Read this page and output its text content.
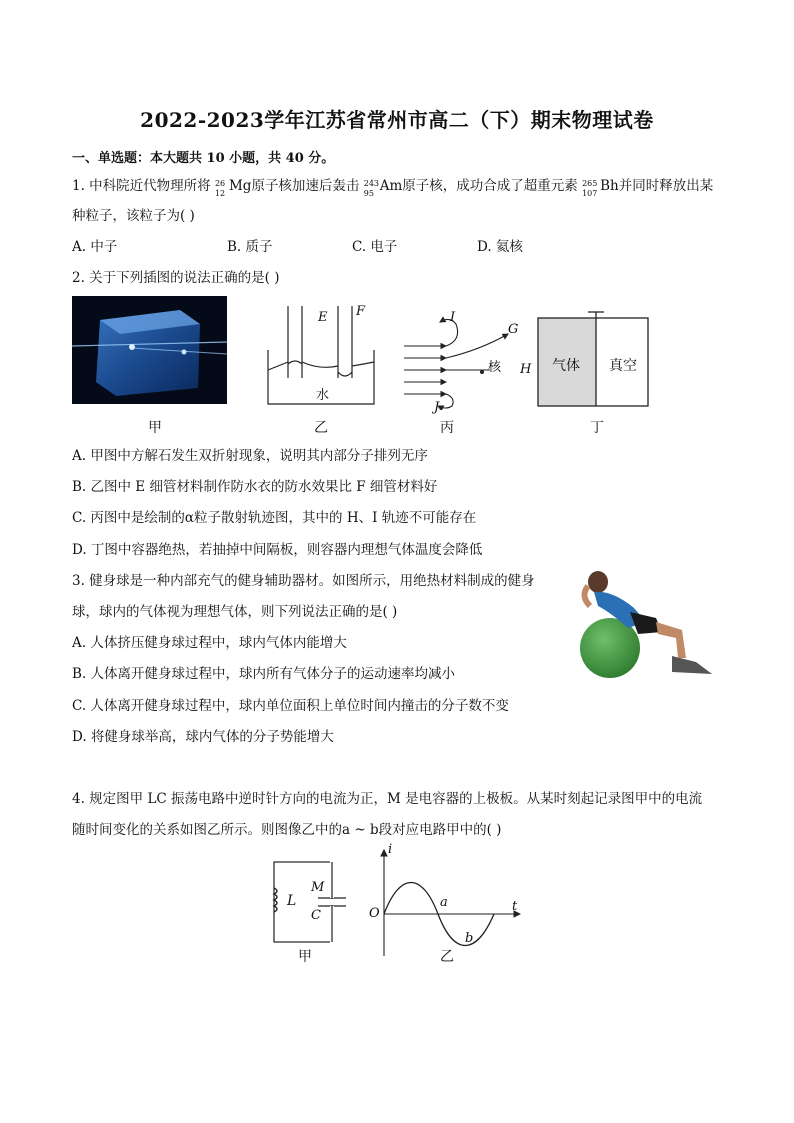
2022-2023学年江苏省常州市高二（下）期末物理试卷
一、单选题：本大题共 10 小题，共 40 分。
1. 中科院近代物理所将 26
12 Mg原子核加速后轰击 243
95 Am原子核，成功合成了超重元素 265
107 Bh并同时释放出某
种粒子，该粒子为( )
A. 中子	B. 质子	C. 电子	D. 氦核
2. 关于下列插图的说法正确的是( )
E F
水
I
G
核 H
J
气体 真空
甲	乙	丙	丁
A. 甲图中方解石发生双折射现象，说明其内部分子排列无序
B. 乙图中 E 细管材料制作防水衣的防水效果比 F 细管材料好
C. 丙图中是绘制的α粒子散射轨迹图，其中的 H、I 轨迹不可能存在
D. 丁图中容器绝热，若抽掉中间隔板，则容器内理想气体温度会降低
3. 健身球是一种内部充气的健身辅助器材。如图所示，用绝热材料制成的健身
球，球内的气体视为理想气体，则下列说法正确的是( )
A. 人体挤压健身球过程中，球内气体内能增大
B. 人体离开健身球过程中，球内所有气体分子的运动速率均减小
C. 人体离开健身球过程中，球内单位面积上单位时间内撞击的分子数不变
D. 将健身球举高，球内气体的分子势能增大
4. 规定图甲 LC 振荡电路中逆时针方向的电流为正，M 是电容器的上极板。从某时刻起记录图甲中的电流
随时间变化的关系如图乙所示。则图像乙中的a ~ b段对应电路甲中的( )
L
M
C
甲
i
t
O
a
b
乙
